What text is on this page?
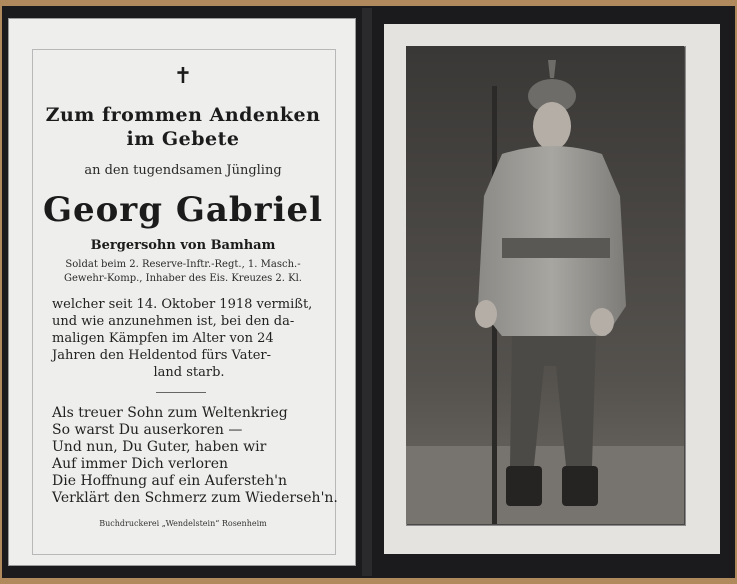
✝
Zum frommen Andenken
im Gebete
an den tugendsamen Jüngling
Georg Gabriel
Bergersohn von Bamham
Soldat beim 2. Reserve-Inftr.-Regt., 1. Masch.-
Gewehr-Komp., Inhaber des Eis. Kreuzes 2. Kl.
welcher seit 14. Oktober 1918 vermißt,
und wie anzunehmen ist, bei den da-
maligen Kämpfen im Alter von 24
Jahren den Heldentod fürs Vater-
land starb.
Als treuer Sohn zum Weltenkrieg
So warst Du auserkoren —
Und nun, Du Guter, haben wir
Auf immer Dich verloren
Die Hoffnung auf ein Aufersteh'n
Verklärt den Schmerz zum Wiederseh'n.
Buchdruckerei „Wendelstein“ Rosenheim
